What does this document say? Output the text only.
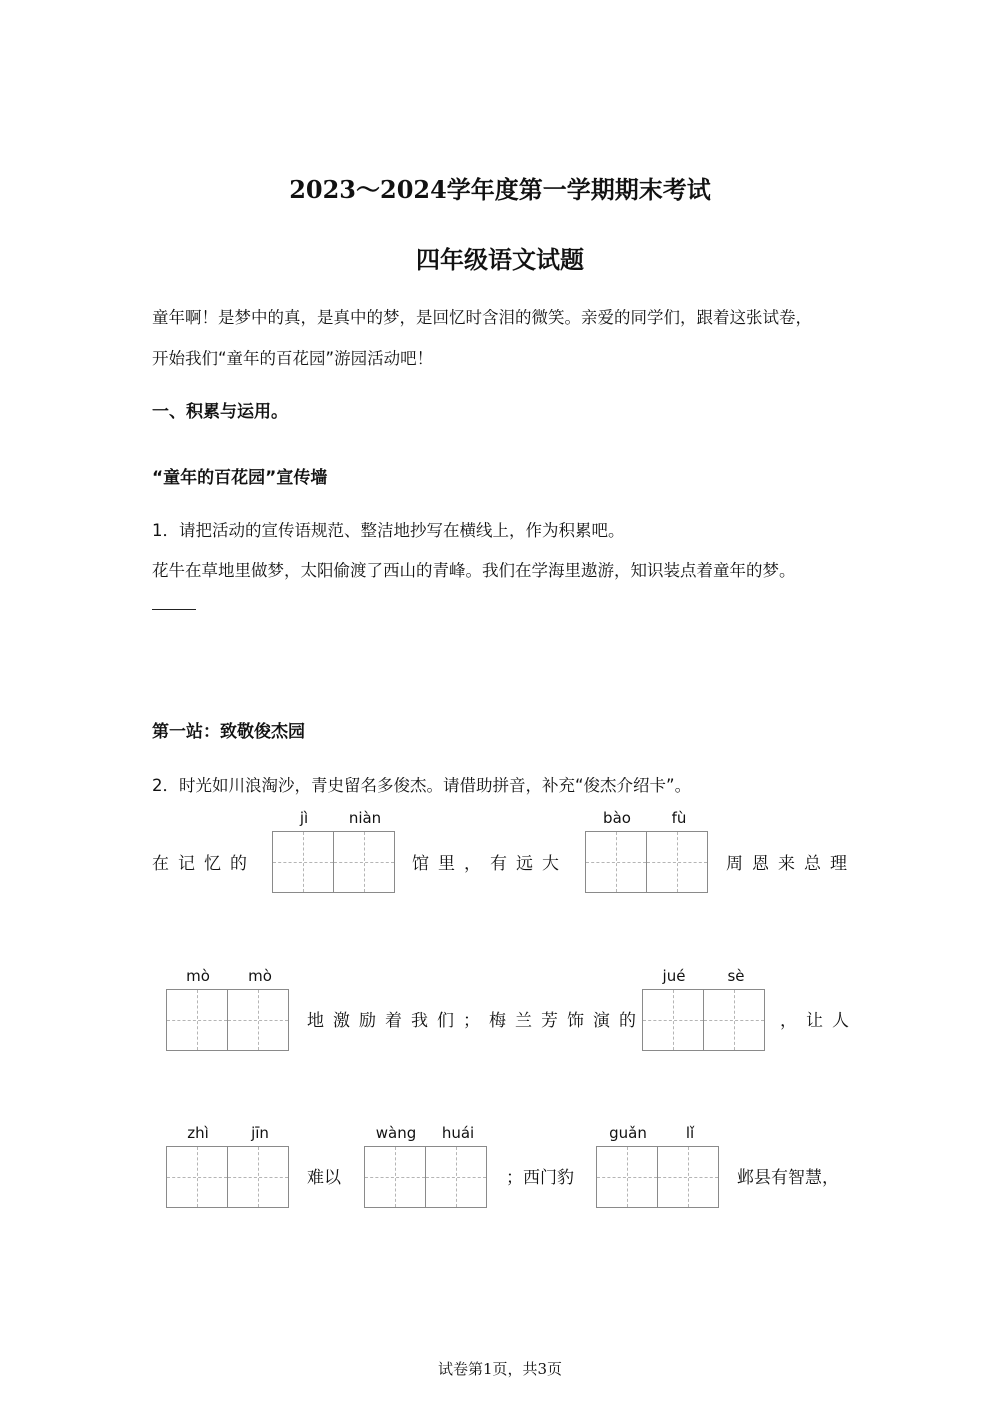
2023～2024学年度第一学期期末考试
四年级语文试题
童年啊！是梦中的真，是真中的梦，是回忆时含泪的微笑。亲爱的同学们，跟着这张试卷，
开始我们“童年的百花园”游园活动吧！
一、积累与运用。
“童年的百花园”宣传墙
1．请把活动的宣传语规范、整洁地抄写在横线上，作为积累吧。
花牛在草地里做梦，太阳偷渡了西山的青峰。我们在学海里遨游，知识装点着童年的梦。
第一站：致敬俊杰园
2．时光如川浪淘沙，青史留名多俊杰。请借助拼音，补充“俊杰介绍卡”。
在记忆的
jì	niàn
馆里，有远大
bào	fù
周恩来总理
mò	mò
地激励着我们；梅兰芳饰演的
jué	sè
，让人
zhì	jīn
难以
wàng	huái
；西门豹
guǎn	lǐ
邺县有智慧，
试卷第1页，共3页
